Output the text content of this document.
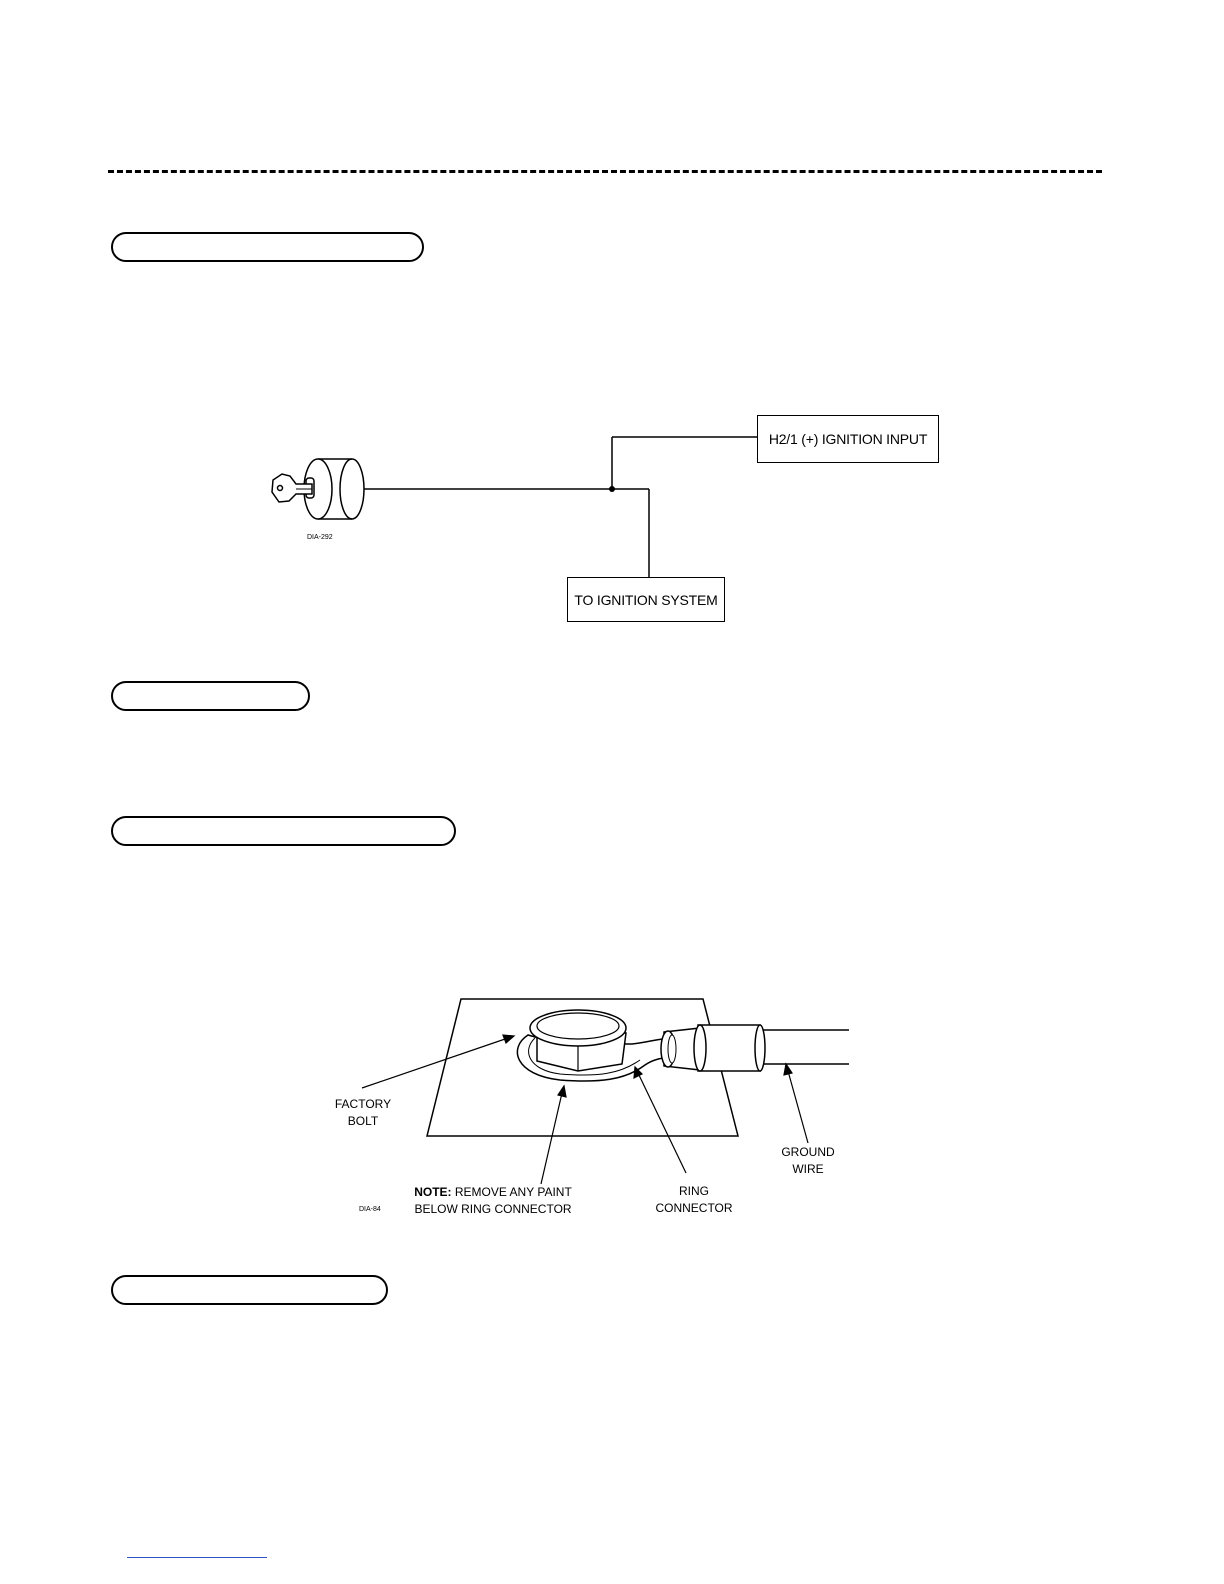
H2/1 (+) IGNITION INPUT
TO IGNITION SYSTEM
DIA-292
FACTORY
BOLT
NOTE: REMOVE ANY PAINT
BELOW RING CONNECTOR
RING
CONNECTOR
GROUND
WIRE
DIA-84
